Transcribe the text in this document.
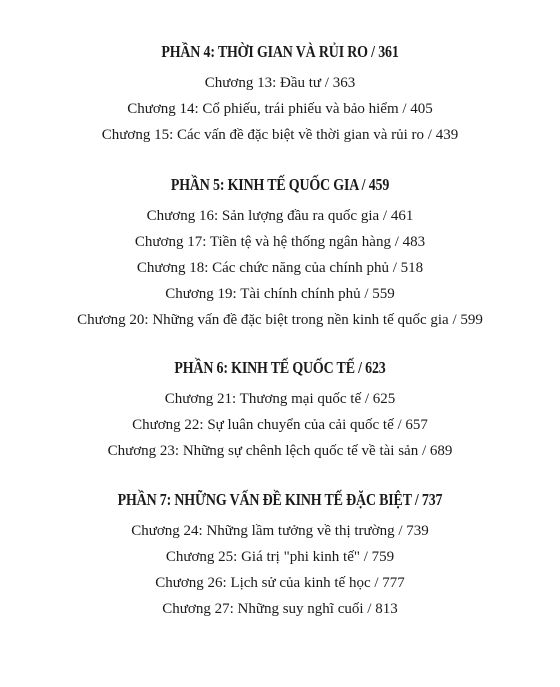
PHẦN 4: THỜI GIAN VÀ RỦI RO / 361
Chương 13: Đầu tư / 363
Chương 14: Cổ phiếu, trái phiếu và bảo hiểm / 405
Chương 15: Các vấn đề đặc biệt về thời gian và rủi ro / 439
PHẦN 5: KINH TẾ QUỐC GIA / 459
Chương 16: Sản lượng đầu ra quốc gia / 461
Chương 17: Tiền tệ và hệ thống ngân hàng / 483
Chương 18: Các chức năng của chính phủ / 518
Chương 19: Tài chính chính phủ / 559
Chương 20: Những vấn đề đặc biệt trong nền kinh tế quốc gia / 599
PHẦN 6: KINH TẾ QUỐC TẾ / 623
Chương 21: Thương mại quốc tế / 625
Chương 22: Sự luân chuyển của cải quốc tế / 657
Chương 23: Những sự chênh lệch quốc tế về tài sản / 689
PHẦN 7: NHỮNG VẤN ĐỀ KINH TẾ ĐẶC BIỆT / 737
Chương 24: Những lầm tưởng về thị trường / 739
Chương 25: Giá trị "phi kinh tế" / 759
Chương 26: Lịch sử của kinh tế học / 777
Chương 27: Những suy nghĩ cuối / 813
